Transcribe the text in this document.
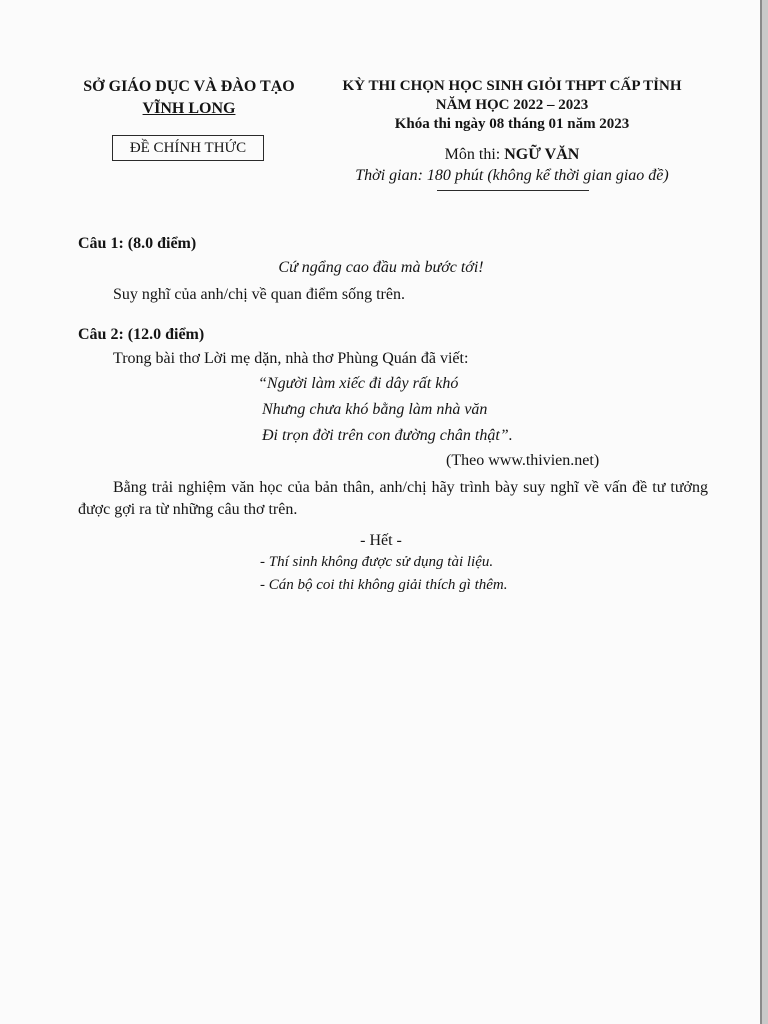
SỞ GIÁO DỤC VÀ ĐÀO TẠO
VĨNH LONG
ĐỀ CHÍNH THỨC
KỲ THI CHỌN HỌC SINH GIỎI THPT CẤP TỈNH
NĂM HỌC 2022 – 2023
Khóa thi ngày 08 tháng 01 năm 2023
Môn thi: NGỮ VĂN
Thời gian: 180 phút (không kể thời gian giao đề)
Câu 1: (8.0 điểm)
Cứ ngẩng cao đầu mà bước tới!
Suy nghĩ của anh/chị về quan điểm sống trên.
Câu 2: (12.0 điểm)
Trong bài thơ Lời mẹ dặn, nhà thơ Phùng Quán đã viết:
“Người làm xiếc đi dây rất khó
Nhưng chưa khó bằng làm nhà văn
Đi trọn đời trên con đường chân thật”.
(Theo www.thivien.net)
Bằng trải nghiệm văn học của bản thân, anh/chị hãy trình bày suy nghĩ về vấn đề tư tưởng được gợi ra từ những câu thơ trên.
- Hết -
- Thí sinh không được sử dụng tài liệu.
- Cán bộ coi thi không giải thích gì thêm.
